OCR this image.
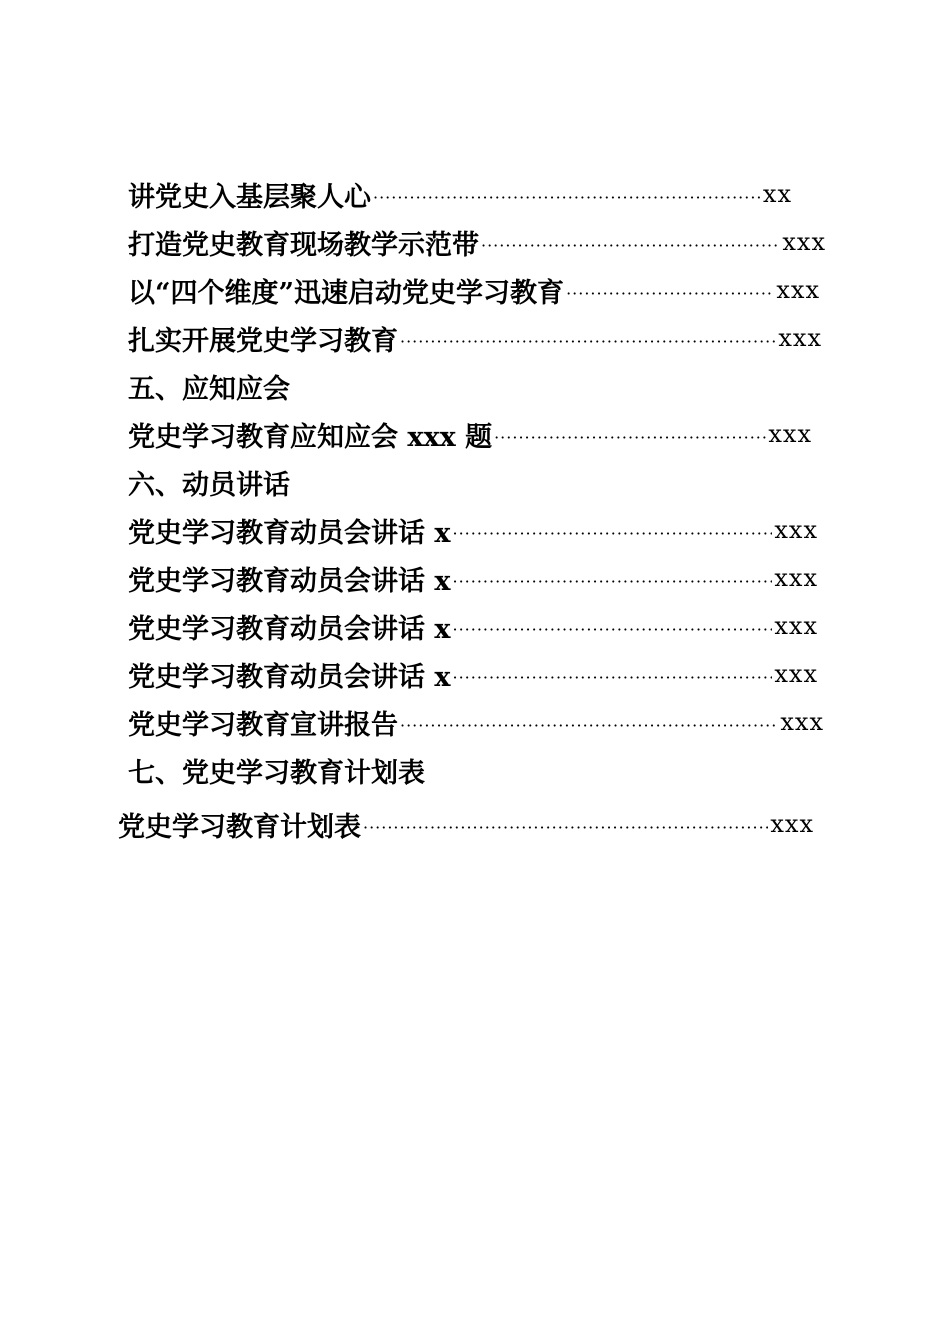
讲党史入基层聚人心 ·····	xx
打造党史教育现场教学示范带 ·····	xxx
以“四个维度”迅速启动党史学习教育 ·····	xxx
扎实开展党史学习教育 ·····	xxx
五、应知应会
党史学习教育应知应会 xxx 题 ·····	xxx
六、动员讲话
党史学习教育动员会讲话 x ·····	xxx
党史学习教育动员会讲话 x ·····	xxx
党史学习教育动员会讲话 x ·····	xxx
党史学习教育动员会讲话 x ·····	xxx
党史学习教育宣讲报告 ·····	xxx
七、党史学习教育计划表
党史学习教育计划表 ·····	xxx
